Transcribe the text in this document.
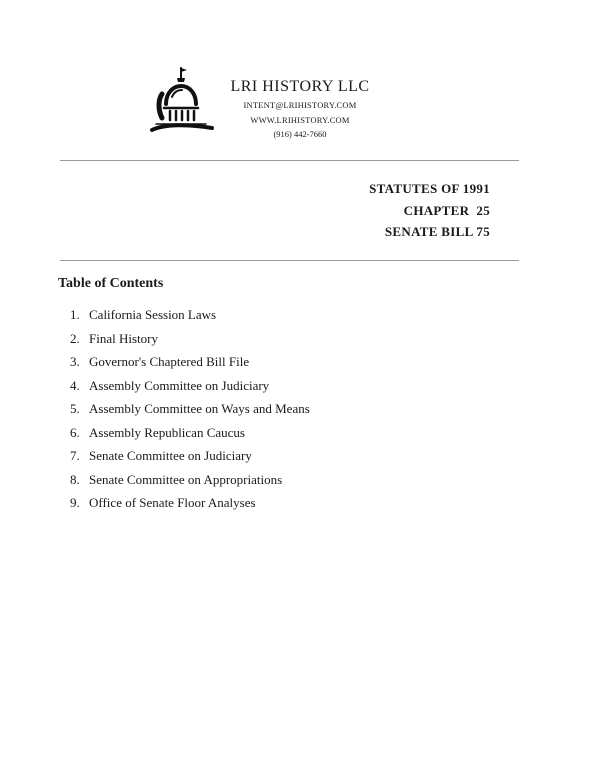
LRI HISTORY LLC
INTENT@LRIHISTORY.COM
WWW.LRIHISTORY.COM
(916) 442-7660
STATUTES OF 1991
CHAPTER  25
SENATE BILL 75
Table of Contents
1. California Session Laws
2. Final History
3. Governor's Chaptered Bill File
4. Assembly Committee on Judiciary
5. Assembly Committee on Ways and Means
6. Assembly Republican Caucus
7. Senate Committee on Judiciary
8. Senate Committee on Appropriations
9. Office of Senate Floor Analyses
